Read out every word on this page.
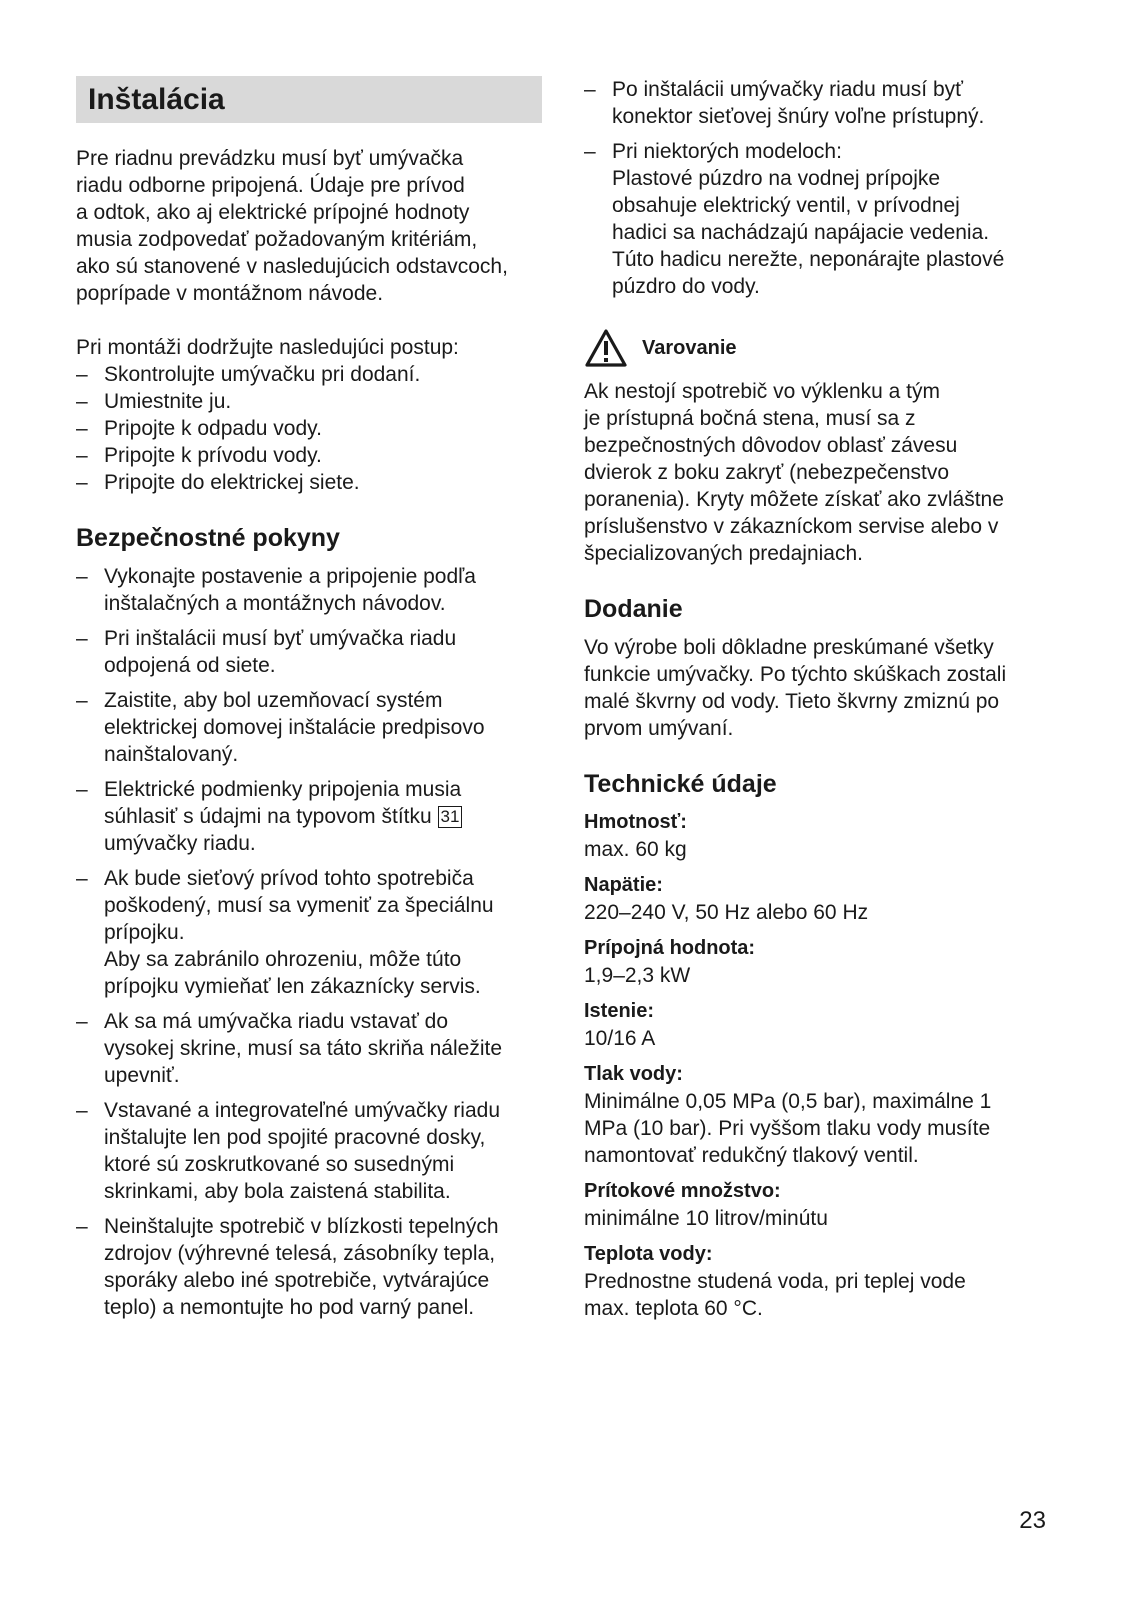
Inštalácia
Pre riadnu prevádzku musí byť umývačka
riadu odborne pripojená. Údaje pre prívod
a odtok, ako aj elektrické prípojné hodnoty
musia zodpovedať požadovaným kritériám,
ako sú stanovené v nasledujúcich odstavcoch,
poprípade v montážnom návode.
Pri montáži dodržujte nasledujúci postup:
– Skontrolujte umývačku pri dodaní.
– Umiestnite ju.
– Pripojte k odpadu vody.
– Pripojte k prívodu vody.
– Pripojte do elektrickej siete.
Bezpečnostné pokyny
– Vykonajte postavenie a pripojenie podľa
inštalačných a montážnych návodov.
– Pri inštalácii musí byť umývačka riadu
odpojená od siete.
– Zaistite, aby bol uzemňovací systém
elektrickej domovej inštalácie predpisovo
nainštalovaný.
– Elektrické podmienky pripojenia musia
súhlasiť s údajmi na typovom štítku 31
umývačky riadu.
– Ak bude sieťový prívod tohto spotrebiča
poškodený, musí sa vymeniť za špeciálnu
prípojku.
Aby sa zabránilo ohrozeniu, môže túto
prípojku vymieňať len zákaznícky servis.
– Ak sa má umývačka riadu vstavať do
vysokej skrine, musí sa táto skriňa náležite
upevniť.
– Vstavané a integrovateľné umývačky riadu
inštalujte len pod spojité pracovné dosky,
ktoré sú zoskrutkované so susednými
skrinkami, aby bola zaistená stabilita.
– Neinštalujte spotrebič v blízkosti tepelných
zdrojov (výhrevné telesá, zásobníky tepla,
sporáky alebo iné spotrebiče, vytvárajúce
teplo) a nemontujte ho pod varný panel.
– Po inštalácii umývačky riadu musí byť
konektor sieťovej šnúry voľne prístupný.
– Pri niektorých modeloch:
Plastové púzdro na vodnej prípojke
obsahuje elektrický ventil, v prívodnej
hadici sa nachádzajú napájacie vedenia.
Túto hadicu nerežte, neponárajte plastové
púzdro do vody.
Varovanie
Ak nestojí spotrebič vo výklenku a tým
je prístupná bočná stena, musí sa z
bezpečnostných dôvodov oblasť závesu
dvierok z boku zakryť (nebezpečenstvo
poranenia). Kryty môžete získať ako zvláštne
príslušenstvo v zákazníckom servise alebo v
špecializovaných predajniach.
Dodanie
Vo výrobe boli dôkladne preskúmané všetky
funkcie umývačky. Po týchto skúškach zostali
malé škvrny od vody. Tieto škvrny zmiznú po
prvom umývaní.
Technické údaje
Hmotnosť:
max. 60 kg
Napätie:
220–240 V, 50 Hz alebo 60 Hz
Prípojná hodnota:
1,9–2,3 kW
Istenie:
10/16 A
Tlak vody:
Minimálne 0,05 MPa (0,5 bar), maximálne 1
MPa (10 bar). Pri vyššom tlaku vody musíte
namontovať redukčný tlakový ventil.
Prítokové množstvo:
minimálne 10 litrov/minútu
Teplota vody:
Prednostne studená voda, pri teplej vode
max. teplota 60 °C.
23
